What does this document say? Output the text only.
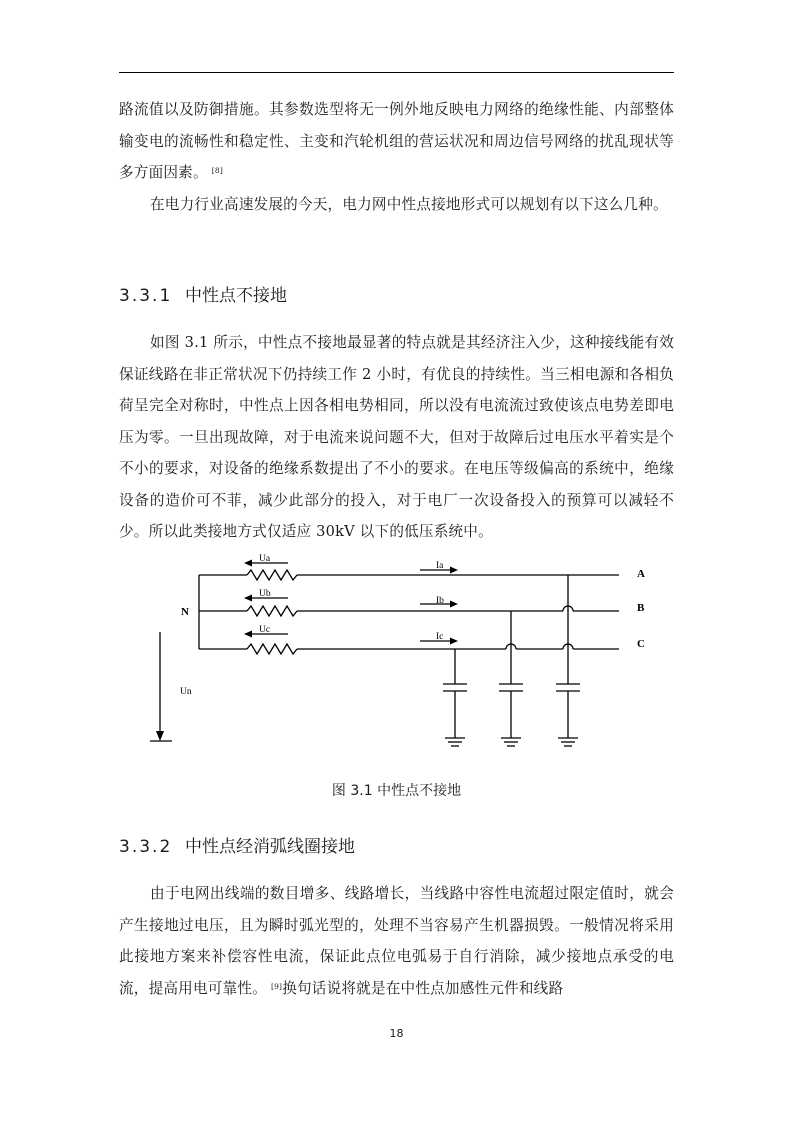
路流值以及防御措施。其参数选型将无一例外地反映电力网络的绝缘性能、内部整体输变电的流畅性和稳定性、主变和汽轮机组的营运状况和周边信号网络的扰乱现状等多方面因素。 [8]

在电力行业高速发展的今天，电力网中性点接地形式可以规划有以下这么几种。

3.3.1 中性点不接地

如图 3.1 所示，中性点不接地最显著的特点就是其经济注入少，这种接线能有效保证线路在非正常状况下仍持续工作 2 小时，有优良的持续性。当三相电源和各相负荷呈完全对称时，中性点上因各相电势相同，所以没有电流流过致使该点电势差即电压为零。一旦出现故障，对于电流来说问题不大，但对于故障后过电压水平着实是个不小的要求，对设备的绝缘系数提出了不小的要求。在电压等级偏高的系统中，绝缘设备的造价可不菲，减少此部分的投入，对于电厂一次设备投入的预算可以减轻不少。所以此类接地方式仅适应 30kV 以下的低压系统中。

Ua
Ub
Uc
Ia
Ib
Ic
Un
N
A
B
C
图 3.1 中性点不接地
3.3.2 中性点经消弧线圈接地

由于电网出线端的数目增多、线路增长，当线路中容性电流超过限定值时，就会产生接地过电压，且为瞬时弧光型的，处理不当容易产生机器损毁。一般情况将采用此接地方案来补偿容性电流，保证此点位电弧易于自行消除，减少接地点承受的电流，提高用电可靠性。 [9]换句话说将就是在中性点加感性元件和线路

18
